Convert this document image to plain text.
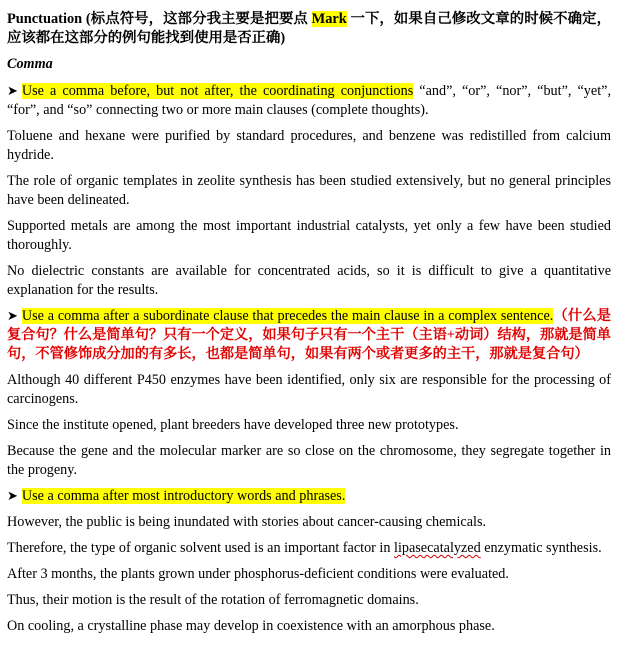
Punctuation (标点符号，这部分我主要是把要点 Mark 一下，如果自己修改文章的时候不确定，应该都在这部分的例句能找到使用是否正确)
Comma
➤ Use a comma before, but not after, the coordinating conjunctions “and”, “or”, “nor”, “but”, “yet”, “for”, and “so” connecting two or more main clauses (complete thoughts).

Toluene and hexane were purified by standard procedures, and benzene was redistilled from calcium hydride.

The role of organic templates in zeolite synthesis has been studied extensively, but no general principles have been delineated.

Supported metals are among the most important industrial catalysts, yet only a few have been studied thoroughly.

No dielectric constants are available for concentrated acids, so it is difficult to give a quantitative explanation for the results.

➤ Use a comma after a subordinate clause that precedes the main clause in a complex sentence.（什么是复合句？什么是简单句？只有一个定义，如果句子只有一个主干（主语+动词）结构，那就是简单句，不管修饰成分加的有多长，也都是简单句，如果有两个或者更多的主干，那就是复合句）

Although 40 different P450 enzymes have been identified, only six are responsible for the processing of carcinogens.

Since the institute opened, plant breeders have developed three new prototypes.

Because the gene and the molecular marker are so close on the chromosome, they segregate together in the progeny.

➤ Use a comma after most introductory words and phrases.

However, the public is being inundated with stories about cancer-causing chemicals.

Therefore, the type of organic solvent used is an important factor in lipasecatalyzed enzymatic synthesis.

After 3 months, the plants grown under phosphorus-deficient conditions were evaluated.

Thus, their motion is the result of the rotation of ferromagnetic domains.

On cooling, a crystalline phase may develop in coexistence with an amorphous phase.
